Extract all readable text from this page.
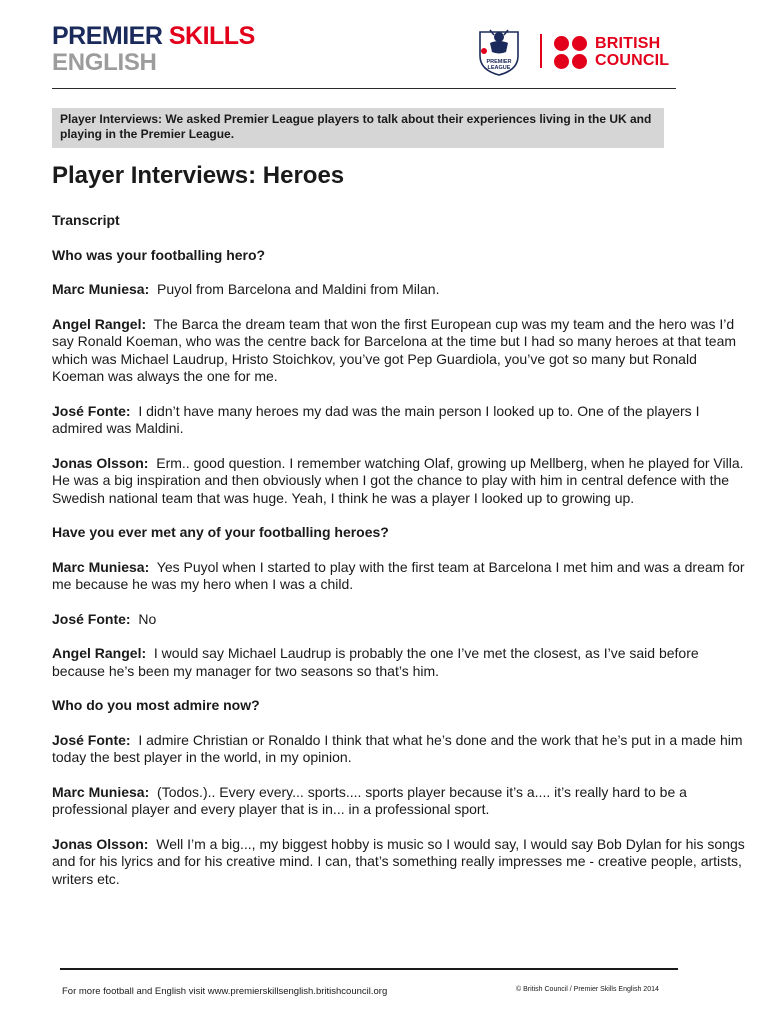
PREMIER SKILLS
ENGLISH	PREMIER
LEAGUE
BRITISH
COUNCIL
Player Interviews: We asked Premier League players to talk about their experiences living in the UK and playing in the Premier League.
Player Interviews: Heroes

Transcript

Who was your footballing hero?

Marc Muniesa: Puyol from Barcelona and Maldini from Milan.

Angel Rangel: The Barca the dream team that won the first European cup was my team and the hero was I’d say Ronald Koeman, who was the centre back for Barcelona at the time but I had so many heroes at that team which was Michael Laudrup, Hristo Stoichkov, you’ve got Pep Guardiola, you’ve got so many but Ronald Koeman was always the one for me.

José Fonte: I didn’t have many heroes my dad was the main person I looked up to. One of the players I admired was Maldini.

Jonas Olsson: Erm.. good question. I remember watching Olaf, growing up Mellberg, when he played for Villa. He was a big inspiration and then obviously when I got the chance to play with him in central defence with the Swedish national team that was huge. Yeah, I think he was a player I looked up to growing up.

Have you ever met any of your footballing heroes?

Marc Muniesa: Yes Puyol when I started to play with the first team at Barcelona I met him and was a dream for me because he was my hero when I was a child.

José Fonte: No

Angel Rangel: I would say Michael Laudrup is probably the one I’ve met the closest, as I’ve said before because he’s been my manager for two seasons so that’s him.

Who do you most admire now?

José Fonte: I admire Christian or Ronaldo I think that what he’s done and the work that he’s put in a made him today the best player in the world, in my opinion.

Marc Muniesa: (Todos.).. Every every... sports.... sports player because it’s a.... it’s really hard to be a professional player and every player that is in... in a professional sport.

Jonas Olsson: Well I’m a big..., my biggest hobby is music so I would say, I would say Bob Dylan for his songs and for his lyrics and for his creative mind. I can, that’s something really impresses me - creative people, artists, writers etc.

For more football and English visit www.premierskillsenglish.britishcouncil.org	© British Council / Premier Skills English 2014
